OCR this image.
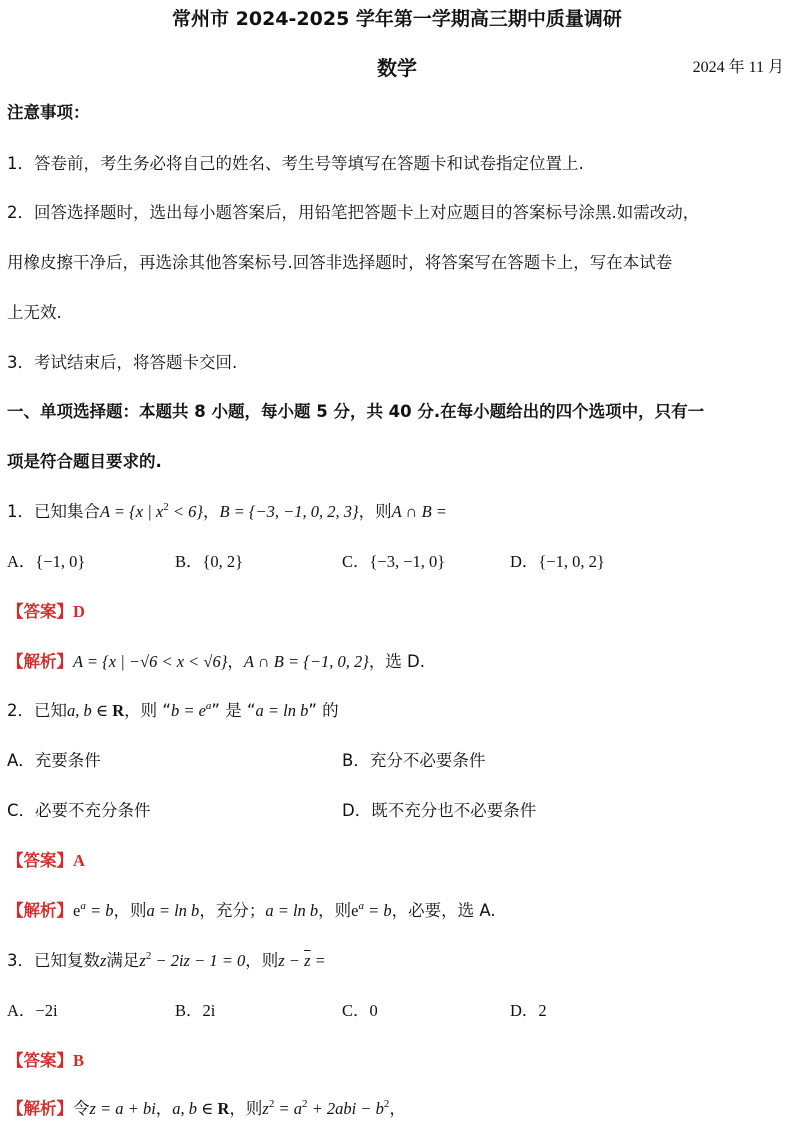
常州市 2024-2025 学年第一学期高三期中质量调研
数学	2024 年 11 月
注意事项：
1．答卷前，考生务必将自己的姓名、考生号等填写在答题卡和试卷指定位置上.
2．回答选择题时，选出每小题答案后，用铅笔把答题卡上对应题目的答案标号涂黑.如需改动，
用橡皮擦干净后，再选涂其他答案标号.回答非选择题时，将答案写在答题卡上，写在本试卷
上无效.
3．考试结束后，将答题卡交回.
一、单项选择题：本题共 8 小题，每小题 5 分，共 40 分.在每小题给出的四个选项中，只有一
项是符合题目要求的.
1．已知集合A = {x | $x^2 < 6$}，B = {−3, −1, 0, 2, 3}，则A ∩ B =
A．{−1, 0}	B．{0, 2}	C．{−3, −1, 0}	D．{−1, 0, 2}
【答案】D
【解析】A = {x | −√6 < x < √6}，A ∩ B = {−1, 0, 2}，选 D.
2．已知a, b ∈ R，则 “$b = e^a$” 是 “a = ln b” 的
A．充要条件	B．充分不必要条件
C．必要不充分条件	D．既不充分也不必要条件
【答案】A
【解析】$e^a = b$，则a = ln b，充分；a = ln b，则$e^a = b$，必要，选 A.
3．已知复数z满足$z^2 - 2iz - 1 = 0$，则$z - \overline{z}$ =
A．−2i	B．2i	C．0	D．2
【答案】B
【解析】令z = a + bi，a, b ∈ R，则$z^2 = a^2 + 2abi - b^2$，
